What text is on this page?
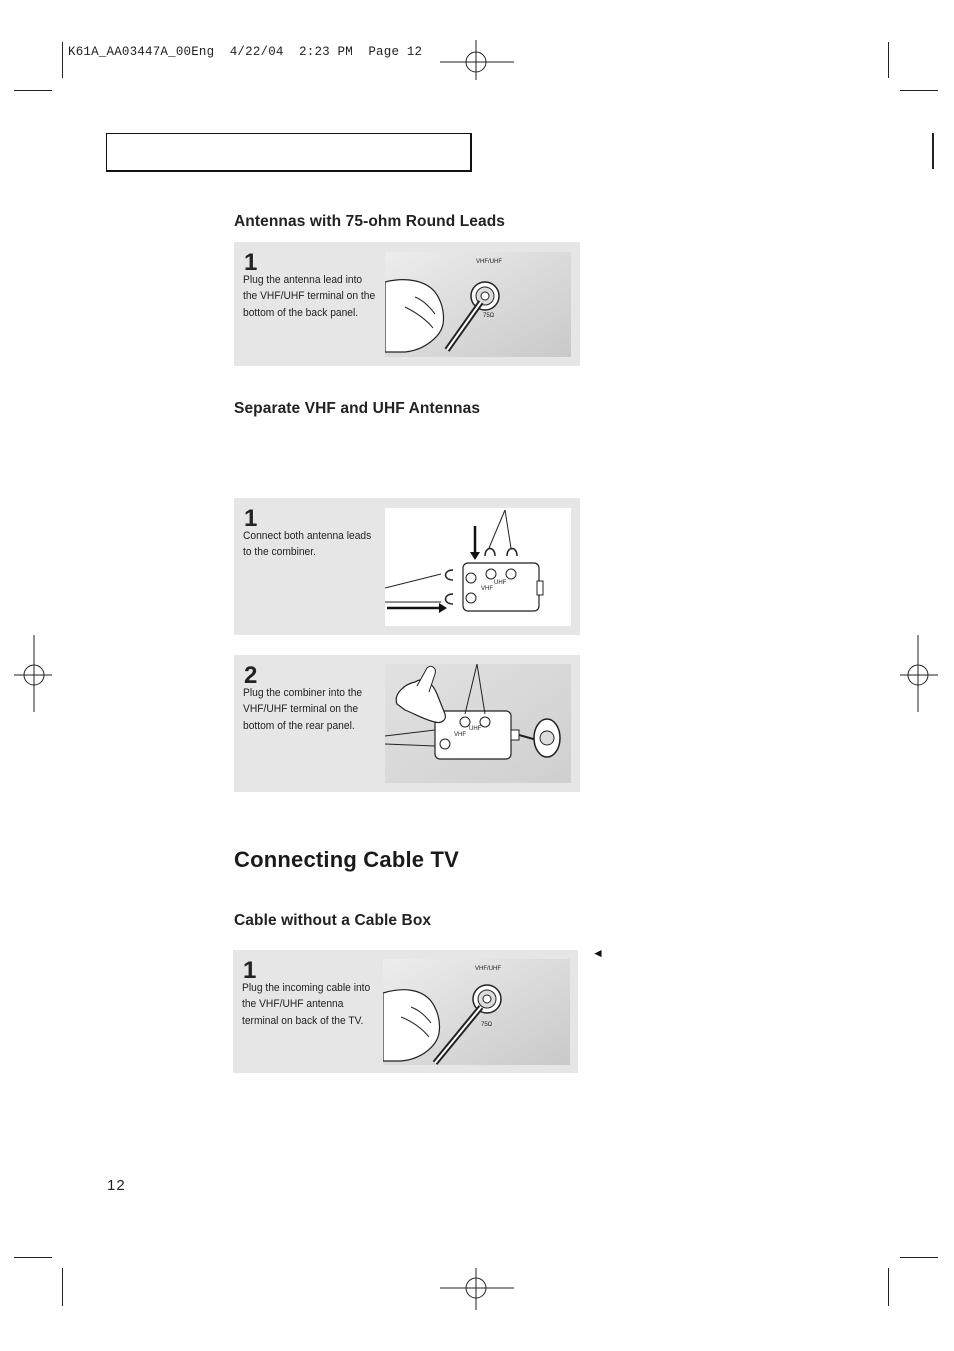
K61A_AA03447A_00Eng  4/22/04  2:23 PM  Page 12
Antennas with 75-ohm Round Leads
1
Plug the antenna lead into the VHF/UHF terminal on the bottom of the back panel.
VHF/UHF
75Ω
Separate VHF and UHF Antennas
1
Connect both antenna leads to the combiner.
UHF
VHF
2
Plug the combiner into the VHF/UHF terminal on the bottom of the rear panel.	UHF
VHF
Connecting Cable TV
Cable without a Cable Box
◄
1
Plug the incoming cable into the VHF/UHF antenna terminal on back of the TV.
VHF/UHF
75Ω
12
